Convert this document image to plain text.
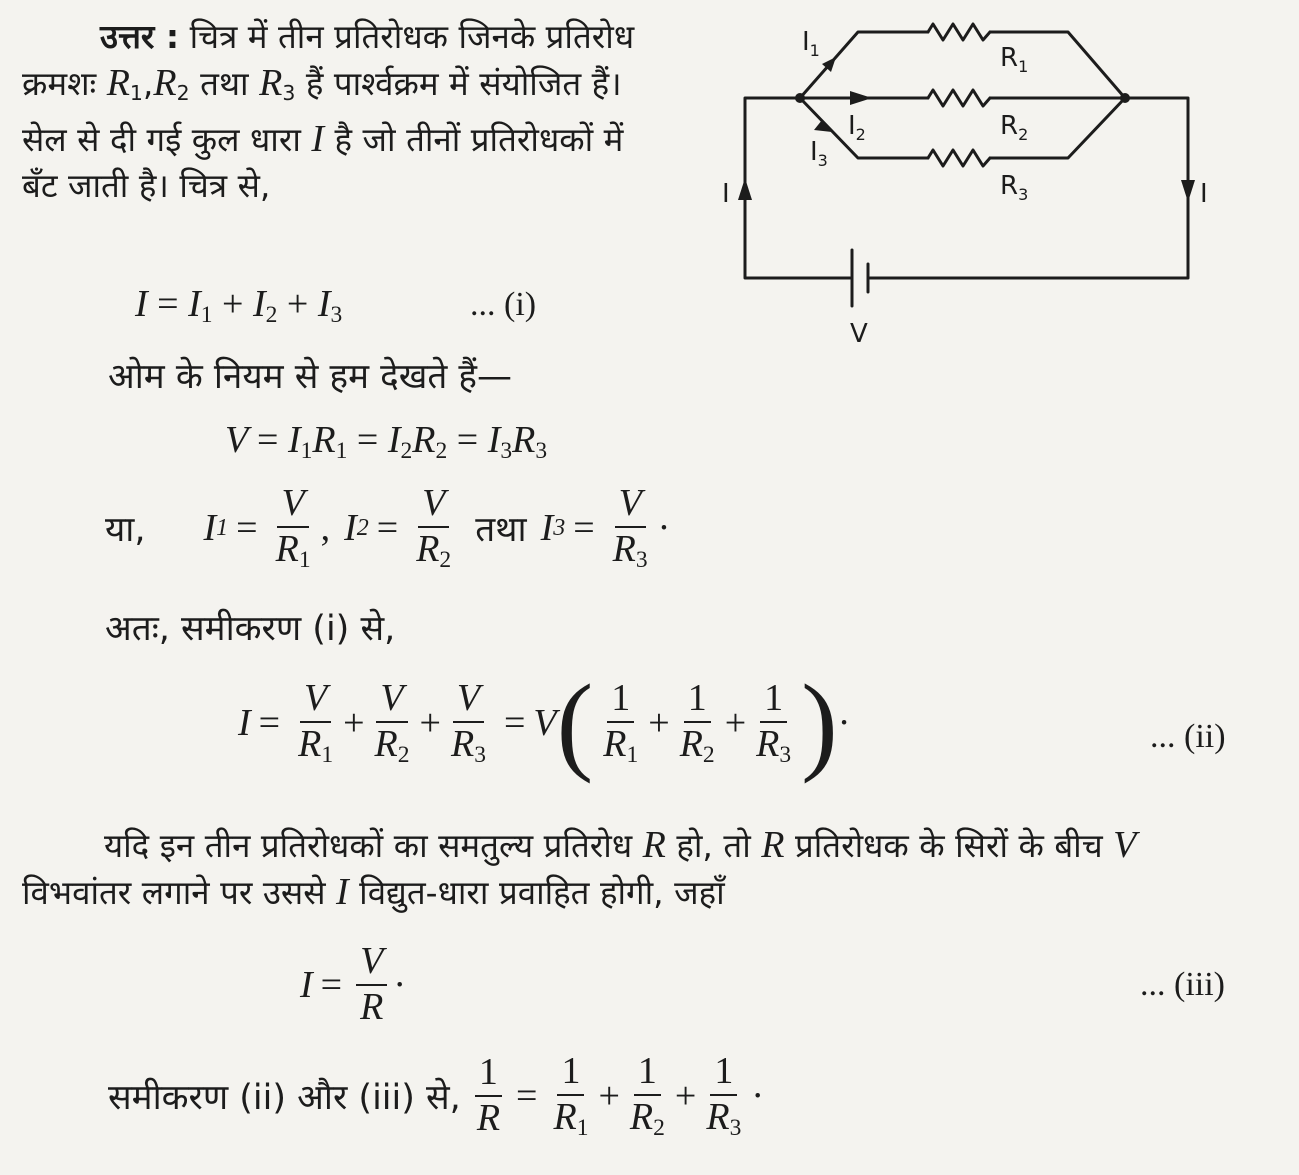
उत्तर : चित्र में तीन प्रतिरोधक जिनके प्रतिरोध क्रमशः $R_1,R_2$ तथा $R_3$ हैं पार्श्वक्रम में संयोजित हैं। सेल से दी गई कुल धारा I है जो तीनों प्रतिरोधकों में बँट जाती है। चित्र से,
$I_1$
$I_2$
$I_3$
$R_1$
$R_2$
$R_3$
I	I
V
$I = I_1 + I_2 + I_3$	... (i)
ओम के नियम से हम देखते हैं—
$V = I_1R_1 = I_2R_2 = I_3R_3$
या, I $1 = \frac{V}{R_1}$ , I $2 = \frac{V}{R_2}$ तथा I $3 = \frac{V}{R_3}$ ·
अतः, समीकरण (i) से,
$I = \frac{V}{R_1} + \frac{V}{R_2} + \frac{V}{R_3} = V$ ( $\frac{1}{R_1} + \frac{1}{R_2} + \frac{1}{R_3}$ ) ·	... (ii)
यदि इन तीन प्रतिरोधकों का समतुल्य प्रतिरोध R हो, तो R प्रतिरोधक के सिरों के बीच V विभवांतर लगाने पर उससे I विद्युत-धारा प्रवाहित होगी, जहाँ
$I = \frac{V}{R}$ ·	... (iii)
समीकरण (ii) और (iii) से, $\frac{1}{R} = \frac{1}{R_1} + \frac{1}{R_2} + \frac{1}{R_3}$ ·
